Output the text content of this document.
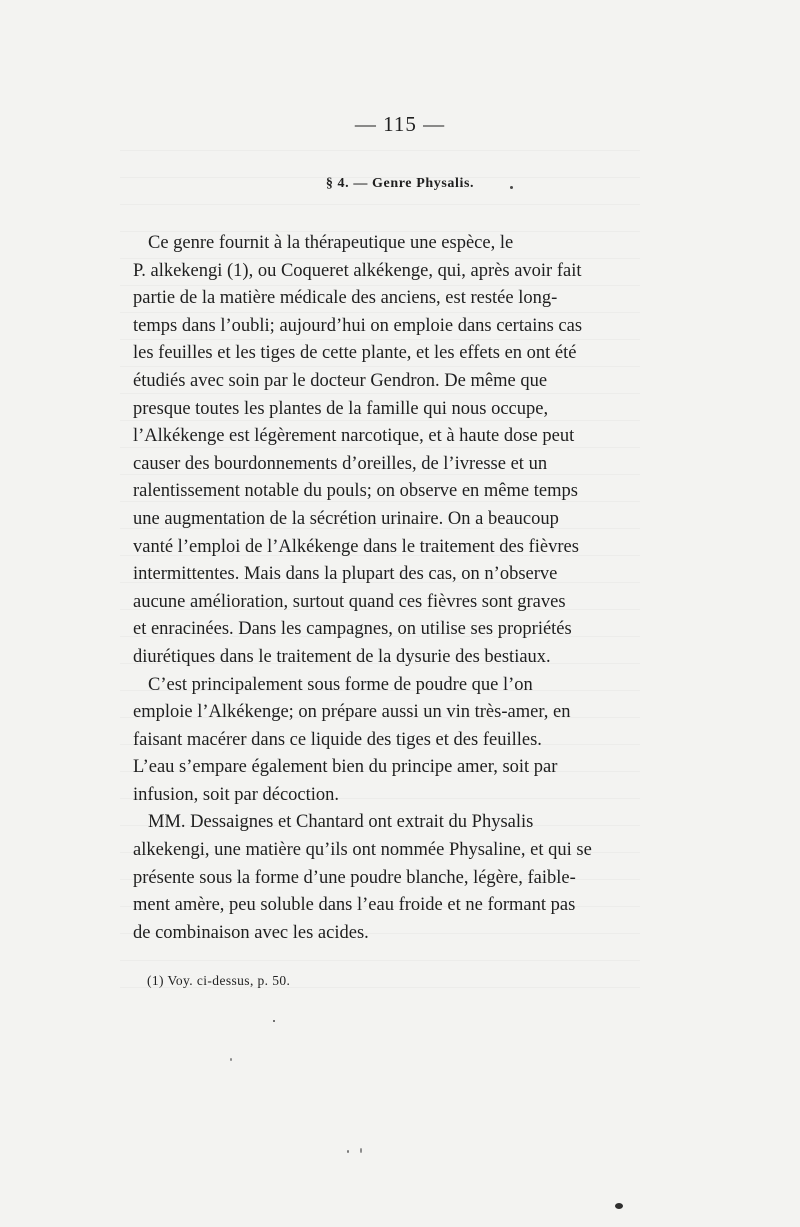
— 115 —
§ 4. — Genre Physalis.
Ce genre fournit à la thérapeutique une espèce, le
P. alkekengi (1), ou Coqueret alkékenge, qui, après avoir fait
partie de la matière médicale des anciens, est restée long-
temps dans l’oubli; aujourd’hui on emploie dans certains cas
les feuilles et les tiges de cette plante, et les effets en ont été
étudiés avec soin par le docteur Gendron. De même que
presque toutes les plantes de la famille qui nous occupe,
l’Alkékenge est légèrement narcotique, et à haute dose peut
causer des bourdonnements d’oreilles, de l’ivresse et un
ralentissement notable du pouls; on observe en même temps
une augmentation de la sécrétion urinaire. On a beaucoup
vanté l’emploi de l’Alkékenge dans le traitement des fièvres
intermittentes. Mais dans la plupart des cas, on n’observe
aucune amélioration, surtout quand ces fièvres sont graves
et enracinées. Dans les campagnes, on utilise ses propriétés
diurétiques dans le traitement de la dysurie des bestiaux.
C’est principalement sous forme de poudre que l’on
emploie l’Alkékenge; on prépare aussi un vin très-amer, en
faisant macérer dans ce liquide des tiges et des feuilles.
L’eau s’empare également bien du principe amer, soit par
infusion, soit par décoction.
MM. Dessaignes et Chantard ont extrait du Physalis
alkekengi, une matière qu’ils ont nommée Physaline, et qui se
présente sous la forme d’une poudre blanche, légère, faible-
ment amère, peu soluble dans l’eau froide et ne formant pas
de combinaison avec les acides.
(1) Voy. ci-dessus, p. 50.
